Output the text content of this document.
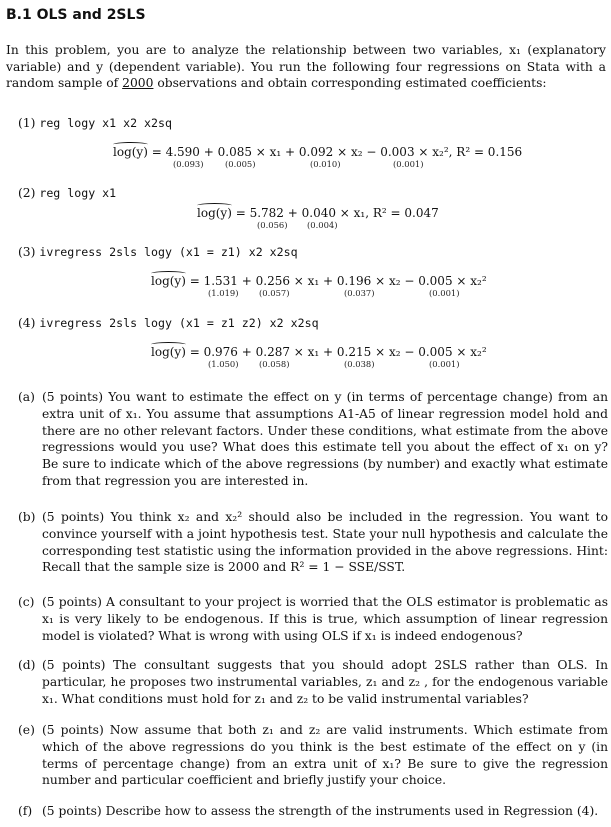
B.1 OLS and 2SLS
In this problem, you are to analyze the relationship between two variables, x₁ (explanatory variable) and y (dependent variable). You run the following four regressions on Stata with a random sample of 2000 observations and obtain corresponding estimated coefficients:
(1) reg logy x1 x2 x2sq
log(y) = 4.590 + 0.085 × x₁ + 0.092 × x₂ − 0.003 × x₂², R² = 0.156
(0.093)	(0.005)	(0.010)	(0.001)
(2) reg logy x1
log(y) = 5.782 + 0.040 × x₁, R² = 0.047
(0.056) (0.004)
(3) ivregress 2sls logy (x1 = z1) x2 x2sq
log(y) = 1.531 + 0.256 × x₁ + 0.196 × x₂ − 0.005 × x₂²
(1.019) (0.057)	(0.037)	(0.001)
(4) ivregress 2sls logy (x1 = z1 z2) x2 x2sq
log(y) = 0.976 + 0.287 × x₁ + 0.215 × x₂ − 0.005 × x₂²
(1.050) (0.058)	(0.038)	(0.001)
(a) (5 points) You want to estimate the effect on y (in terms of percentage change) from an extra unit of x₁. You assume that assumptions A1-A5 of linear regression model hold and there are no other relevant factors. Under these conditions, what estimate from the above regressions would you use? What does this estimate tell you about the effect of x₁ on y? Be sure to indicate which of the above regressions (by number) and exactly what estimate from that regression you are interested in.
(b) (5 points) You think x₂ and x₂² should also be included in the regression. You want to convince yourself with a joint hypothesis test. State your null hypothesis and calculate the corresponding test statistic using the information provided in the above regressions. Hint: Recall that the sample size is 2000 and R² = 1 − SSE/SST.
(c) (5 points) A consultant to your project is worried that the OLS estimator is problematic as x₁ is very likely to be endogenous. If this is true, which assumption of linear regression model is violated? What is wrong with using OLS if x₁ is indeed endogenous?
(d) (5 points) The consultant suggests that you should adopt 2SLS rather than OLS. In particular, he proposes two instrumental variables, z₁ and z₂ , for the endogenous variable x₁. What conditions must hold for z₁ and z₂ to be valid instrumental variables?
(e) (5 points) Now assume that both z₁ and z₂ are valid instruments. Which estimate from which of the above regressions do you think is the best estimate of the effect on y (in terms of percentage change) from an extra unit of x₁? Be sure to give the regression number and particular coefficient and briefly justify your choice.
(f) (5 points) Describe how to assess the strength of the instruments used in Regression (4).
